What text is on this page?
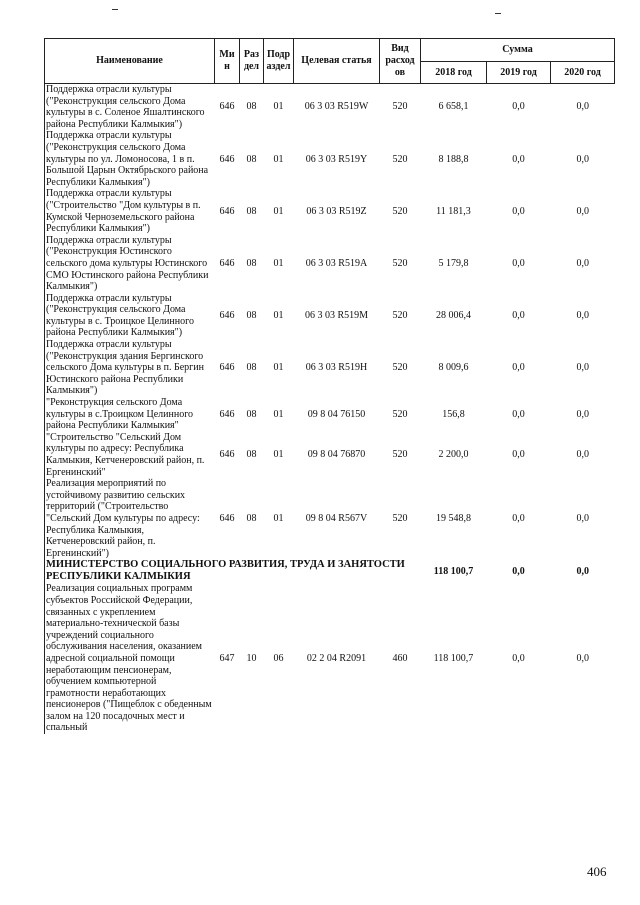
Наименование	Ми н	Раз дел	Подр аздел	Целевая статья	Вид расход ов	Сумма		
						2018 год	2019 год	2020 год
Поддержка отрасли культуры ("Реконструкция сельского Дома культуры в с. Соленое Яшалтинского района Республики Калмыкия")	646	08	01	06 3 03 R519W	520	6 658,1	0,0	0,0
Поддержка отрасли культуры ("Реконструкция сельского Дома культуры по ул. Ломоносова, 1 в п. Большой Царын Октябрьского района Республики Калмыкия")	646	08	01	06 3 03 R519Y	520	8 188,8	0,0	0,0
Поддержка отрасли культуры ("Строительство "Дом культуры в п. Кумской Черноземельского района Республики Калмыкия")	646	08	01	06 3 03 R519Z	520	11 181,3	0,0	0,0
Поддержка отрасли культуры ("Реконструкция Юстинского сельского дома культуры Юстинского СМО Юстинского района Республики Калмыкия")	646	08	01	06 3 03 R519A	520	5 179,8	0,0	0,0
Поддержка отрасли культуры ("Реконструкция сельского Дома культуры в с. Троицкое Целинного района Республики Калмыкия")	646	08	01	06 3 03 R519M	520	28 006,4	0,0	0,0
Поддержка отрасли культуры ("Реконструкция здания Бергинского сельского Дома культуры в п. Бергин Юстинского района Республики Калмыкия")	646	08	01	06 3 03 R519H	520	8 009,6	0,0	0,0
"Реконструкция сельского Дома культуры в с.Троицком Целинного района Республики Калмыкия"	646	08	01	09 8 04 76150	520	156,8	0,0	0,0
"Строительство "Сельский Дом культуры по адресу: Республика Калмыкия, Кетченеровский район, п. Ергенинский"	646	08	01	09 8 04 76870	520	2 200,0	0,0	0,0
Реализация мероприятий по устойчивому развитию сельских территорий ("Строительство "Сельский Дом культуры по адресу: Республика Калмыкия, Кетченеровский район, п. Ергенинский")	646	08	01	09 8 04 R567V	520	19 548,8	0,0	0,0
МИНИСТЕРСТВО СОЦИАЛЬНОГО РАЗВИТИЯ, ТРУДА И ЗАНЯТОСТИ РЕСПУБЛИКИ КАЛМЫКИЯ						118 100,7	0,0	0,0
Реализация социальных программ субъектов Российской Федерации, связанных с укреплением материально-технической базы учреждений социального обслуживания населения, оказанием адресной социальной помощи неработающим пенсионерам, обучением компьютерной грамотности неработающих пенсионеров ("Пищеблок с обеденным залом на 120 посадочных мест и спальный	647	10	06	02 2 04 R2091	460	118 100,7	0,0	0,0
406
